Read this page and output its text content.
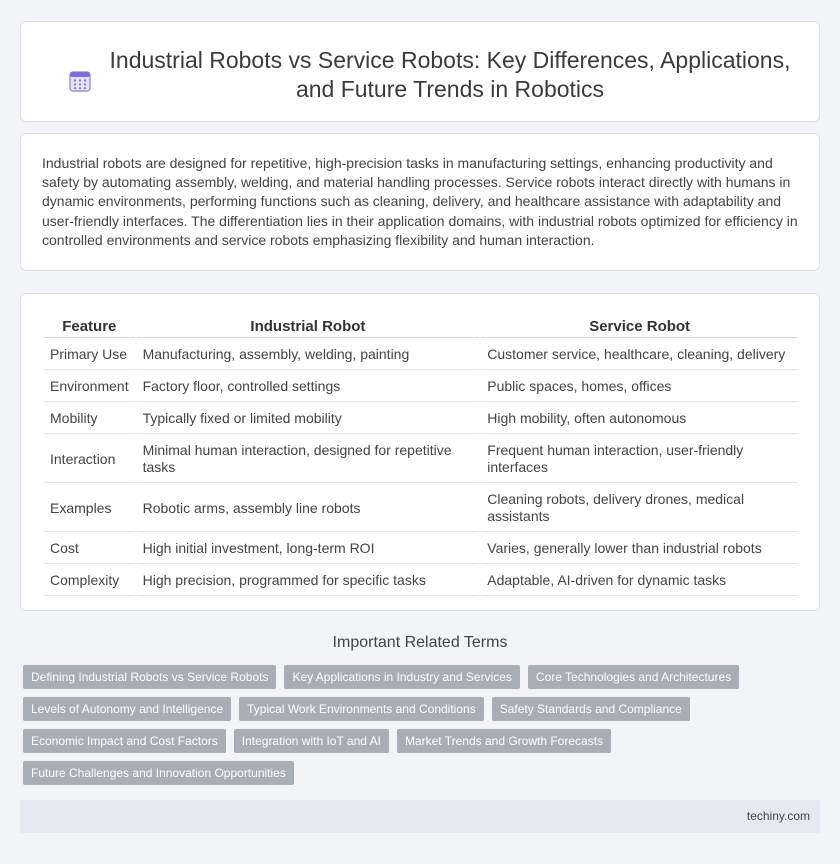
Industrial Robots vs Service Robots: Key Differences, Applications, and Future Trends in Robotics

Industrial robots are designed for repetitive, high-precision tasks in manufacturing settings, enhancing productivity and safety by automating assembly, welding, and material handling processes. Service robots interact directly with humans in dynamic environments, performing functions such as cleaning, delivery, and healthcare assistance with adaptability and user-friendly interfaces. The differentiation lies in their application domains, with industrial robots optimized for efficiency in controlled environments and service robots emphasizing flexibility and human interaction.

Feature	Industrial Robot	Service Robot
Primary Use	Manufacturing, assembly, welding, painting	Customer service, healthcare, cleaning, delivery
Environment	Factory floor, controlled settings	Public spaces, homes, offices
Mobility	Typically fixed or limited mobility	High mobility, often autonomous
Interaction	Minimal human interaction, designed for repetitive tasks	Frequent human interaction, user-friendly interfaces
Examples	Robotic arms, assembly line robots	Cleaning robots, delivery drones, medical assistants
Cost	High initial investment, long-term ROI	Varies, generally lower than industrial robots
Complexity	High precision, programmed for specific tasks	Adaptable, AI-driven for dynamic tasks
Important Related Terms
Defining Industrial Robots vs Service Robots	Key Applications in Industry and Services	Core Technologies and Architectures
Levels of Autonomy and Intelligence	Typical Work Environments and Conditions	Safety Standards and Compliance
Economic Impact and Cost Factors	Integration with IoT and AI	Market Trends and Growth Forecasts
Future Challenges and Innovation Opportunities
techiny.com
